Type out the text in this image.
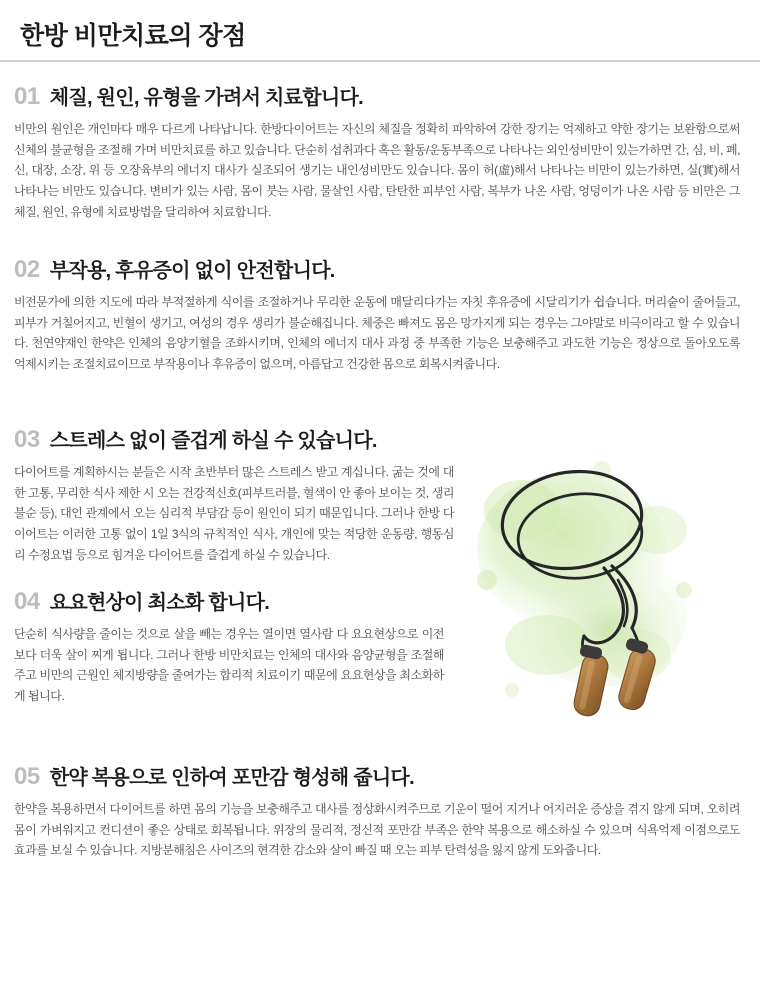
한방 비만치료의 장점
01 체질, 원인, 유형을 가려서 치료합니다.
비만의 원인은 개인마다 매우 다르게 나타납니다. 한방다이어트는 자신의 체질을 정확히 파악하여 강한 장기는 억제하고 약한 장기는 보완함으로써 신체의 불균형을 조절해 가며 비만치료를 하고 있습니다. 단순히 섭취과다 혹은 활동/운동부족으로 나타나는 외인성비만이 있는가하면 간, 심, 비, 폐, 신, 대장, 소장, 위 등 오장육부의 에너지 대사가 실조되어 생기는 내인성비만도 있습니다. 몸이 허(虛)해서 나타나는 비만이 있는가하면, 실(實)해서 나타나는 비만도 있습니다. 변비가 있는 사람, 몸이 붓는 사람, 물살인 사람, 탄탄한 피부인 사람, 복부가 나온 사람, 엉덩이가 나온 사람 등 비만은 그 체질, 원인, 유형에 치료방법을 달리하여 치료합니다.
02 부작용, 후유증이 없이 안전합니다.
비전문가에 의한 지도에 따라 부적절하게 식이를 조절하거나 무리한 운동에 매달리다가는 자칫 후유증에 시달리기가 쉽습니다. 머리숱이 줄어들고, 피부가 거칠어지고, 빈혈이 생기고, 여성의 경우 생리가 불순해집니다. 체중은 빠져도 몸은 망가지게 되는 경우는 그야말로 비극이라고 할 수 있습니다. 천연약재인 한약은 인체의 음양기혈을 조화시키며, 인체의 에너지 대사 과정 중 부족한 기능은 보충해주고 과도한 기능은 정상으로 돌아오도록 억제시키는 조절치료이므로 부작용이나 후유증이 없으며, 아름답고 건강한 몸으로 회복시켜줍니다.
03 스트레스 없이 즐겁게 하실 수 있습니다.
다이어트를 계획하시는 분들은 시작 초반부터 많은 스트레스 받고 계십니다. 굶는 것에 대한 고통, 무리한 식사 제한 시 오는 건강적신호(피부트러블, 혈색이 안 좋아 보이는 것, 생리불순 등), 대인 관계에서 오는 심리적 부담감 등이 원인이 되기 때문입니다. 그러나 한방 다이어트는 이러한 고통 없이 1일 3식의 규칙적인 식사, 개인에 맞는 적당한 운동량, 행동심리 수정요법 등으로 힘겨운 다이어트를 즐겁게 하실 수 있습니다.
04 요요현상이 최소화 합니다.
단순히 식사량을 줄이는 것으로 살을 빼는 경우는 열이면 열사람 다 요요현상으로 이전보다 더욱 살이 찌게 됩니다. 그러나 한방 비만치료는 인체의 대사와 음양균형을 조절해주고 비만의 근원인 체지방량을 줄여가는 합리적 치료이기 때문에 요요현상을 최소화하게 됩니다.
05 한약 복용으로 인하여 포만감 형성해 줍니다.
한약을 복용하면서 다이어트를 하면 몸의 기능을 보충해주고 대사를 정상화시켜주므로 기운이 떨어 지거나 어지러운 증상을 겪지 않게 되며, 오히려 몸이 가벼워지고 컨디션이 좋은 상태로 회복됩니다. 위장의 물리적, 정신적 포만감 부족은 한약 복용으로 해소하실 수 있으며 식욕억제 이점으로도 효과를 보실 수 있습니다. 지방분해침은 사이즈의 현격한 감소와 살이 빠질 때 오는 피부 탄력성을 잃지 않게 도와줍니다.
